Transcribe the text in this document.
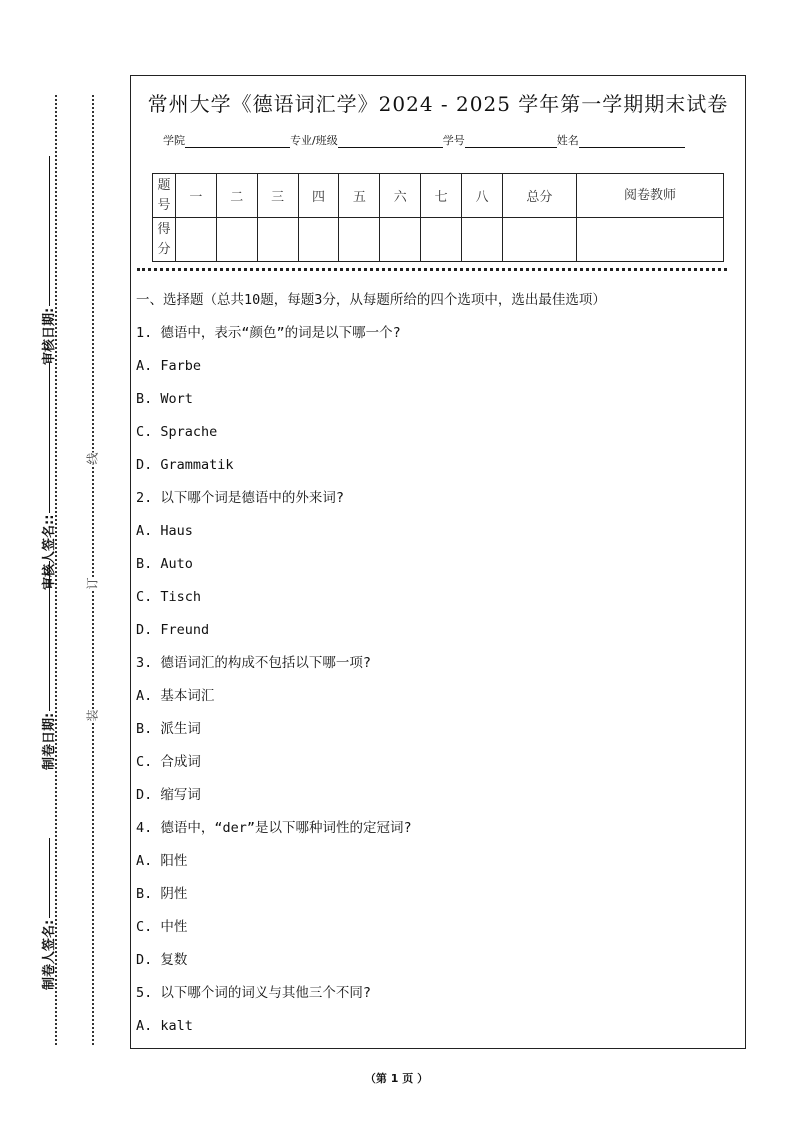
审核日期:
审核人签名::
制卷日期:
制卷人签名:
线
订
装
常州大学《德语词汇学》2024 - 2025 学年第一学期期末试卷
学院	专业/班级	学号	姓名
题号	一	二	三	四	五	六	七	八	总分	阅卷教师
得分										
一、选择题（总共10题，每题3分，从每题所给的四个选项中，选出最佳选项）
1. 德语中，表示“颜色”的词是以下哪一个?
A. Farbe
B. Wort
C. Sprache
D. Grammatik
2. 以下哪个词是德语中的外来词?
A. Haus
B. Auto
C. Tisch
D. Freund
3. 德语词汇的构成不包括以下哪一项?
A. 基本词汇
B. 派生词
C. 合成词
D. 缩写词
4. 德语中，“der”是以下哪种词性的定冠词?
A. 阳性
B. 阴性
C. 中性
D. 复数
5. 以下哪个词的词义与其他三个不同?
A. kalt
（第 1 页 ）
